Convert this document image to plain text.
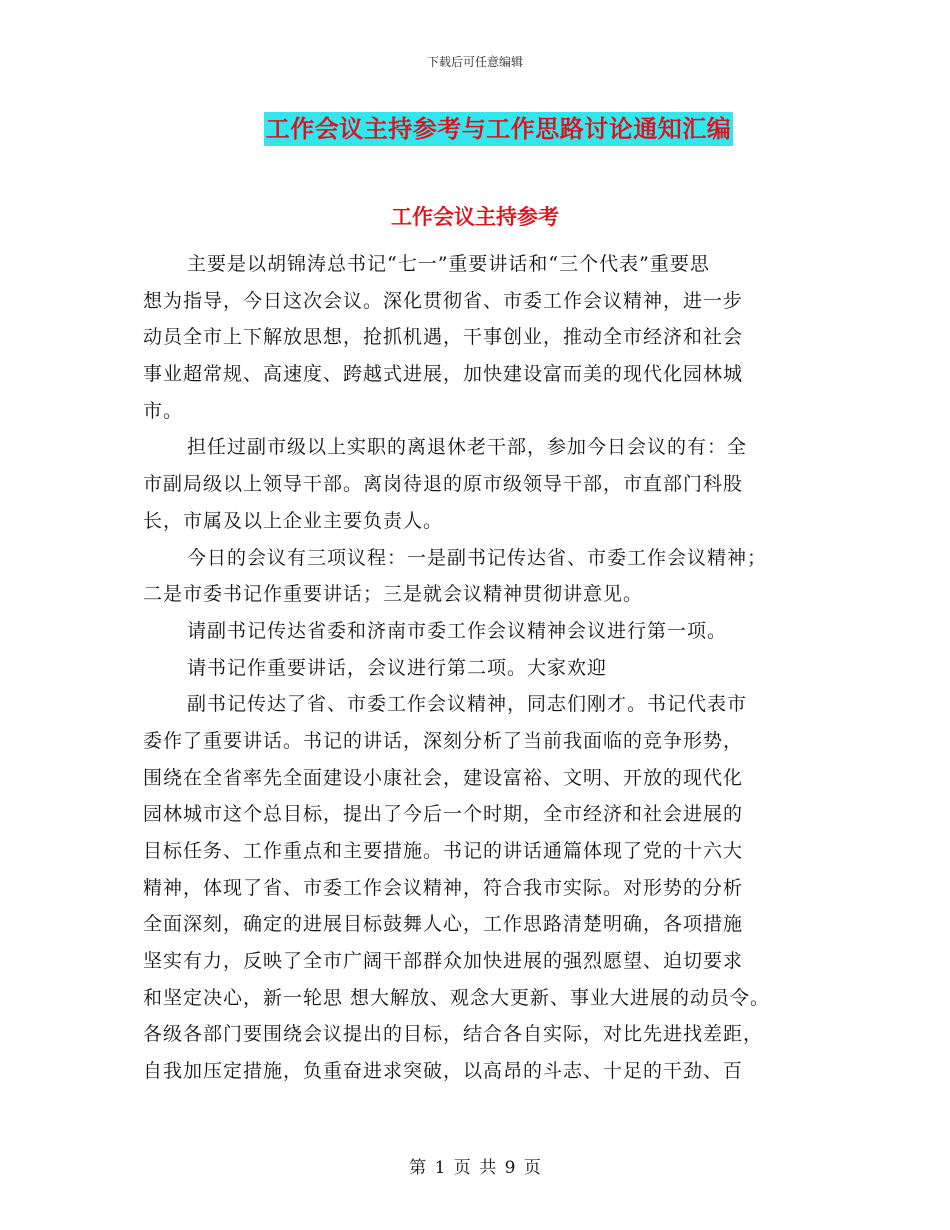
下载后可任意编辑
工作会议主持参考与工作思路讨论通知汇编
工作会议主持参考
主要是以胡锦涛总书记“七一”重要讲话和“三个代表”重要思
想为指导，今日这次会议。深化贯彻省、市委工作会议精神，进一步
动员全市上下解放思想，抢抓机遇，干事创业，推动全市经济和社会
事业超常规、高速度、跨越式进展，加快建设富而美的现代化园林城
市。
担任过副市级以上实职的离退休老干部，参加今日会议的有：全
市副局级以上领导干部。离岗待退的原市级领导干部，市直部门科股
长，市属及以上企业主要负责人。
今日的会议有三项议程：一是副书记传达省、市委工作会议精神；
二是市委书记作重要讲话；三是就会议精神贯彻讲意见。
请副书记传达省委和济南市委工作会议精神会议进行第一项。
请书记作重要讲话，会议进行第二项。大家欢迎
副书记传达了省、市委工作会议精神，同志们刚才。书记代表市
委作了重要讲话。书记的讲话，深刻分析了当前我面临的竞争形势，
围绕在全省率先全面建设小康社会，建设富裕、文明、开放的现代化
园林城市这个总目标，提出了今后一个时期，全市经济和社会进展的
目标任务、工作重点和主要措施。书记的讲话通篇体现了党的十六大
精神，体现了省、市委工作会议精神，符合我市实际。对形势的分析
全面深刻，确定的进展目标鼓舞人心，工作思路清楚明确，各项措施
坚实有力，反映了全市广阔干部群众加快进展的强烈愿望、迫切要求
和坚定决心，新一轮思 想大解放、观念大更新、事业大进展的动员令。
各级各部门要围绕会议提出的目标，结合各自实际，对比先进找差距，
自我加压定措施，负重奋进求突破，以高昂的斗志、十足的干劲、百
第 1 页 共 9 页
